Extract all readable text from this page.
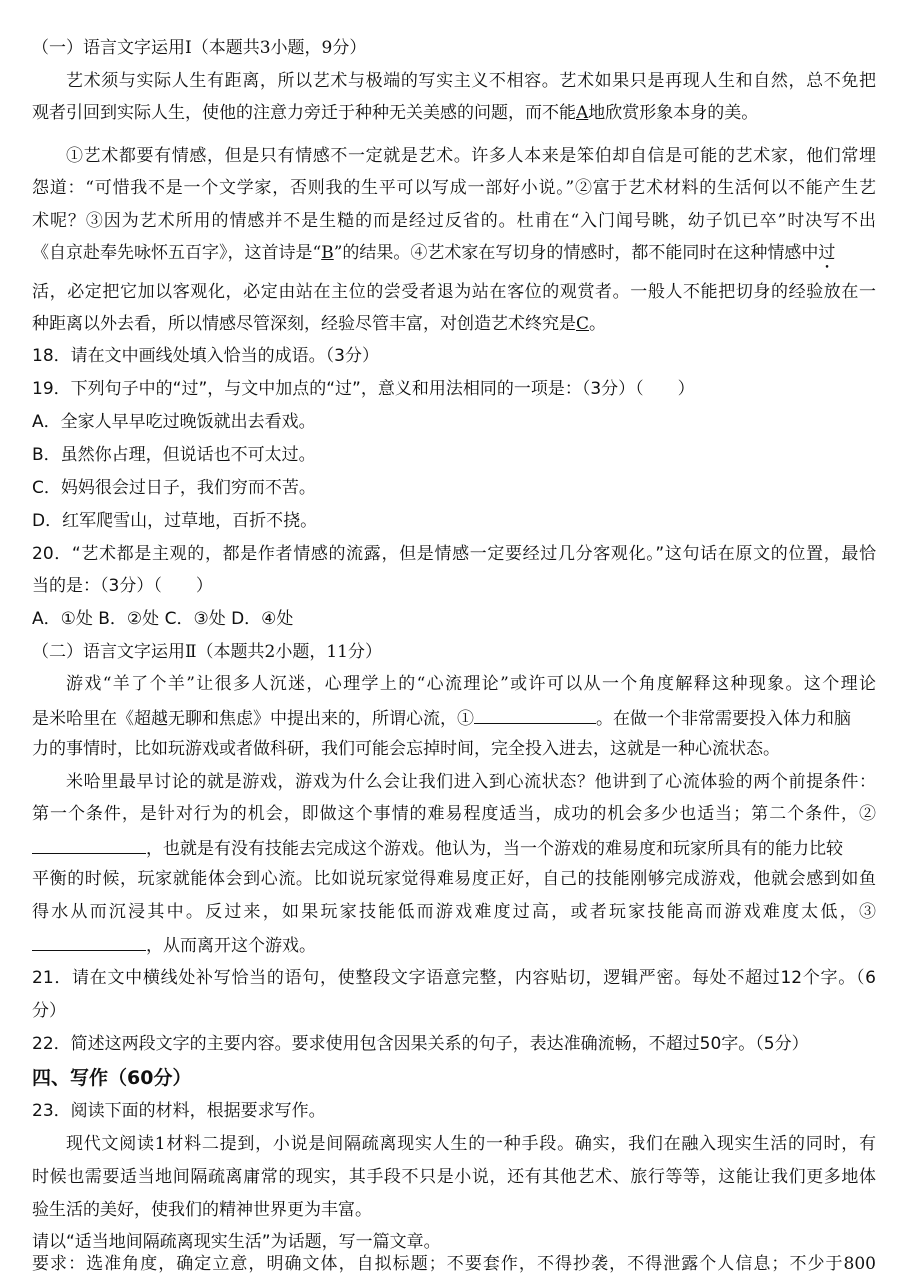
（一）语言文字运用Ⅰ（本题共3小题，9分）
艺术须与实际人生有距离，所以艺术与极端的写实主义不相容。艺术如果只是再现人生和自然，总不免把
观者引回到实际人生，使他的注意力旁迁于种种无关美感的问题，而不能A地欣赏形象本身的美。
①艺术都要有情感，但是只有情感不一定就是艺术。许多人本来是笨伯却自信是可能的艺术家，他们常埋
怨道：“可惜我不是一个文学家，否则我的生平可以写成一部好小说。”②富于艺术材料的生活何以不能产生艺
术呢？③因为艺术所用的情感并不是生糙的而是经过反省的。杜甫在“入门闻号眺，幼子饥已卒”时决写不出
《自京赴奉先咏怀五百字》，这首诗是“B”的结果。④艺术家在写切身的情感时，都不能同时在这种情感中过
活，必定把它加以客观化，必定由站在主位的尝受者退为站在客位的观赏者。一般人不能把切身的经验放在一
种距离以外去看，所以情感尽管深刻，经验尽管丰富，对创造艺术终究是C。
18．请在文中画线处填入恰当的成语。（3分）
19．下列句子中的“过”，与文中加点的“过”，意义和用法相同的一项是：（3分）（　　）
A．全家人早早吃过晚饭就出去看戏。
B．虽然你占理，但说话也不可太过。
C．妈妈很会过日子，我们穷而不苦。
D．红军爬雪山，过草地，百折不挠。
20．“艺术都是主观的，都是作者情感的流露，但是情感一定要经过几分客观化。”这句话在原文的位置，最恰
当的是：（3分）（　　）
A．①处 B．②处 C．③处 D．④处
（二）语言文字运用Ⅱ（本题共2小题，11分）
游戏“羊了个羊”让很多人沉迷，心理学上的“心流理论”或许可以从一个角度解释这种现象。这个理论
是米哈里在《超越无聊和焦虑》中提出来的，所谓心流，①	。在做一个非常需要投入体力和脑
力的事情时，比如玩游戏或者做科研，我们可能会忘掉时间，完全投入进去，这就是一种心流状态。
米哈里最早讨论的就是游戏，游戏为什么会让我们进入到心流状态？他讲到了心流体验的两个前提条件：
第一个条件，是针对行为的机会，即做这个事情的难易程度适当，成功的机会多少也适当；第二个条件，②
，也就是有没有技能去完成这个游戏。他认为，当一个游戏的难易度和玩家所具有的能力比较
平衡的时候，玩家就能体会到心流。比如说玩家觉得难易度正好，自己的技能刚够完成游戏，他就会感到如鱼
得水从而沉浸其中。反过来，如果玩家技能低而游戏难度过高，或者玩家技能高而游戏难度太低，③
，从而离开这个游戏。
21．请在文中横线处补写恰当的语句，使整段文字语意完整，内容贴切，逻辑严密。每处不超过12个字。（6
分）
22．简述这两段文字的主要内容。要求使用包含因果关系的句子，表达准确流畅，不超过50字。（5分）
四、写作（60分）
23．阅读下面的材料，根据要求写作。
现代文阅读1材料二提到，小说是间隔疏离现实人生的一种手段。确实，我们在融入现实生活的同时，有
时候也需要适当地间隔疏离庸常的现实，其手段不只是小说，还有其他艺术、旅行等等，这能让我们更多地体
验生活的美好，使我们的精神世界更为丰富。
请以“适当地间隔疏离现实生活”为话题，写一篇文章。
要求：选准角度，确定立意，明确文体，自拟标题；不要套作，不得抄袭，不得泄露个人信息；不少于800
